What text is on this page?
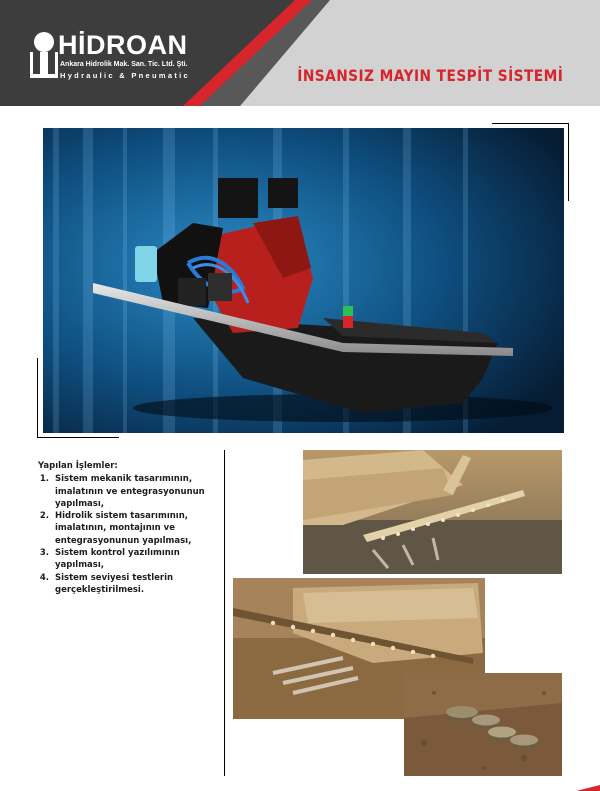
HİDROAN
Ankara Hidrolik Mak. San. Tic. Ltd. Şti.
Hydraulic & Pneumatic	İNSANSIZ MAYIN TESPİT SİSTEMİ
Yapılan İşlemler:
1. Sistem mekanik tasarımının, imalatının ve entegrasyonunun yapılması,
2. Hidrolik sistem tasarımının, imalatının, montajının ve entegrasyonunun yapılması,
3. Sistem kontrol yazılımının yapılması,
4. Sistem seviyesi testlerin gerçekleştirilmesi.
